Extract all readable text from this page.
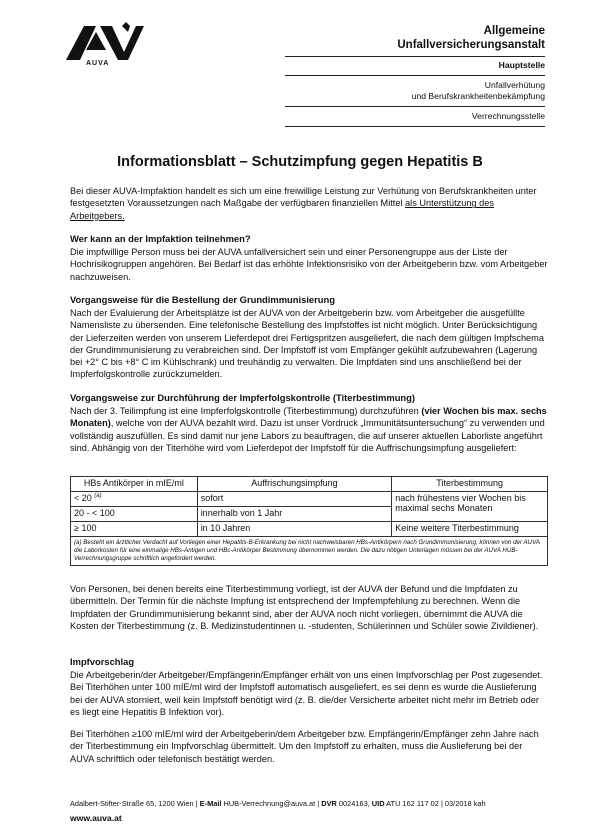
AUVA
Allgemeine
Unfallversicherungsanstalt
Hauptstelle
Unfallverhütung
und Berufskrankheitenbekämpfung
Verrechnungsstelle
Informationsblatt – Schutzimpfung gegen Hepatitis B

Bei dieser AUVA-Impfaktion handelt es sich um eine freiwillige Leistung zur Verhütung von Berufskrankheiten unter festgesetzten Voraussetzungen nach Maßgabe der verfügbaren finanziellen Mittel als Unterstützung des Arbeitgebers.

Wer kann an der Impfaktion teilnehmen?

Die impfwillige Person muss bei der AUVA unfallversichert sein und einer Personengruppe aus der Liste der Hochrisikogruppen angehören. Bei Bedarf ist das erhöhte Infektionsrisiko von der Arbeitgeberin bzw. vom Arbeitgeber nachzuweisen.

Vorgangsweise für die Bestellung der Grundimmunisierung

Nach der Evaluierung der Arbeitsplätze ist der AUVA von der Arbeitgeberin bzw. vom Arbeitgeber die ausgefüllte Namensliste zu übersenden. Eine telefonische Bestellung des Impfstoffes ist nicht möglich. Unter Berücksichtigung der Lieferzeiten werden von unserem Lieferdepot drei Fertigspritzen ausgeliefert, die nach dem gültigen Impfschema der Grundimmunisierung zu verabreichen sind. Der Impfstoff ist vom Empfänger gekühlt aufzubewahren (Lagerung bei +2° C bis +8° C im Kühlschrank) und treuhändig zu verwalten. Die Impfdaten sind uns anschließend bei der Impferfolgskontrolle zurückzumelden.

Vorgangsweise zur Durchführung der Impferfolgskontrolle (Titerbestimmung)

Nach der 3. Teilimpfung ist eine Impferfolgskontrolle (Titerbestimmung) durchzuführen (vier Wochen bis max. sechs Monaten), welche von der AUVA bezahlt wird. Dazu ist unser Vordruck „Immunitätsuntersuchung“ zu verwenden und vollständig auszufüllen. Es sind damit nur jene Labors zu beauftragen, die auf unserer aktuellen Laborliste angeführt sind. Abhängig von der Titerhöhe wird vom Lieferdepot der Impfstoff für die Auffrischungsimpfung ausgeliefert:

HBs Antikörper in mIE/ml	Auffrischungsimpfung	Titerbestimmung
< 20 $^{(a)}$	sofort	nach frühestens vier Wochen bis maximal sechs Monaten
20 - < 100	innerhalb von 1 Jahr	
≥ 100	in 10 Jahren	Keine weitere Titerbestimmung
(a) Besteht ein ärztlicher Verdacht auf Vorliegen einer Hepatitis-B-Erkrankung bei nicht nachweisbaren HBs-Antikörpern nach Grundimmunisierung, können von der AUVA die Laborkosten für eine einmalige HBs-Antigen und HBc-Antikörper Bestimmung übernommen werden. Die dazu nötigen Unterlagen müssen bei der AUVA HUB-Verrechnungsgruppe schriftlich angefordert werden.		

Von Personen, bei denen bereits eine Titerbestimmung vorliegt, ist der AUVA der Befund und die Impfdaten zu übermitteln. Der Termin für die nächste Impfung ist entsprechend der Impfempfehlung zu berechnen. Wenn die Impfdaten der Grundimmunisierung bekannt sind, aber der AUVA noch nicht vorliegen, übernimmt die AUVA die Kosten der Titerbestimmung (z. B. Medizinstudentinnen u. -studenten, Schülerinnen und Schüler sowie Zivildiener).

Impfvorschlag

Die Arbeitgeberin/der Arbeitgeber/Empfängerin/Empfänger erhält von uns einen Impfvorschlag per Post zugesendet. Bei Titerhöhen unter 100 mIE/ml wird der Impfstoff automatisch ausgeliefert, es sei denn es wurde die Auslieferung bei der AUVA storniert, weil kein Impfstoff benötigt wird (z. B. die/der Versicherte arbeitet nicht mehr im Betrieb oder es liegt eine Hepatitis B Infektion vor).

Bei Titerhöhen ≥100 mIE/ml wird der Arbeitgeberin/dem Arbeitgeber bzw. Empfängerin/Empfänger zehn Jahre nach der Titerbestimmung ein Impfvorschlag übermittelt. Um den Impfstoff zu erhalten, muss die Auslieferung bei der AUVA schriftlich oder telefonisch bestätigt werden.

Adalbert-Stifter-Straße 65, 1200 Wien | E-Mail HUB-Verrechnung@auva.at | DVR 0024163, UID ATU 162 117 02 | 03/2018 kah
www.auva.at
